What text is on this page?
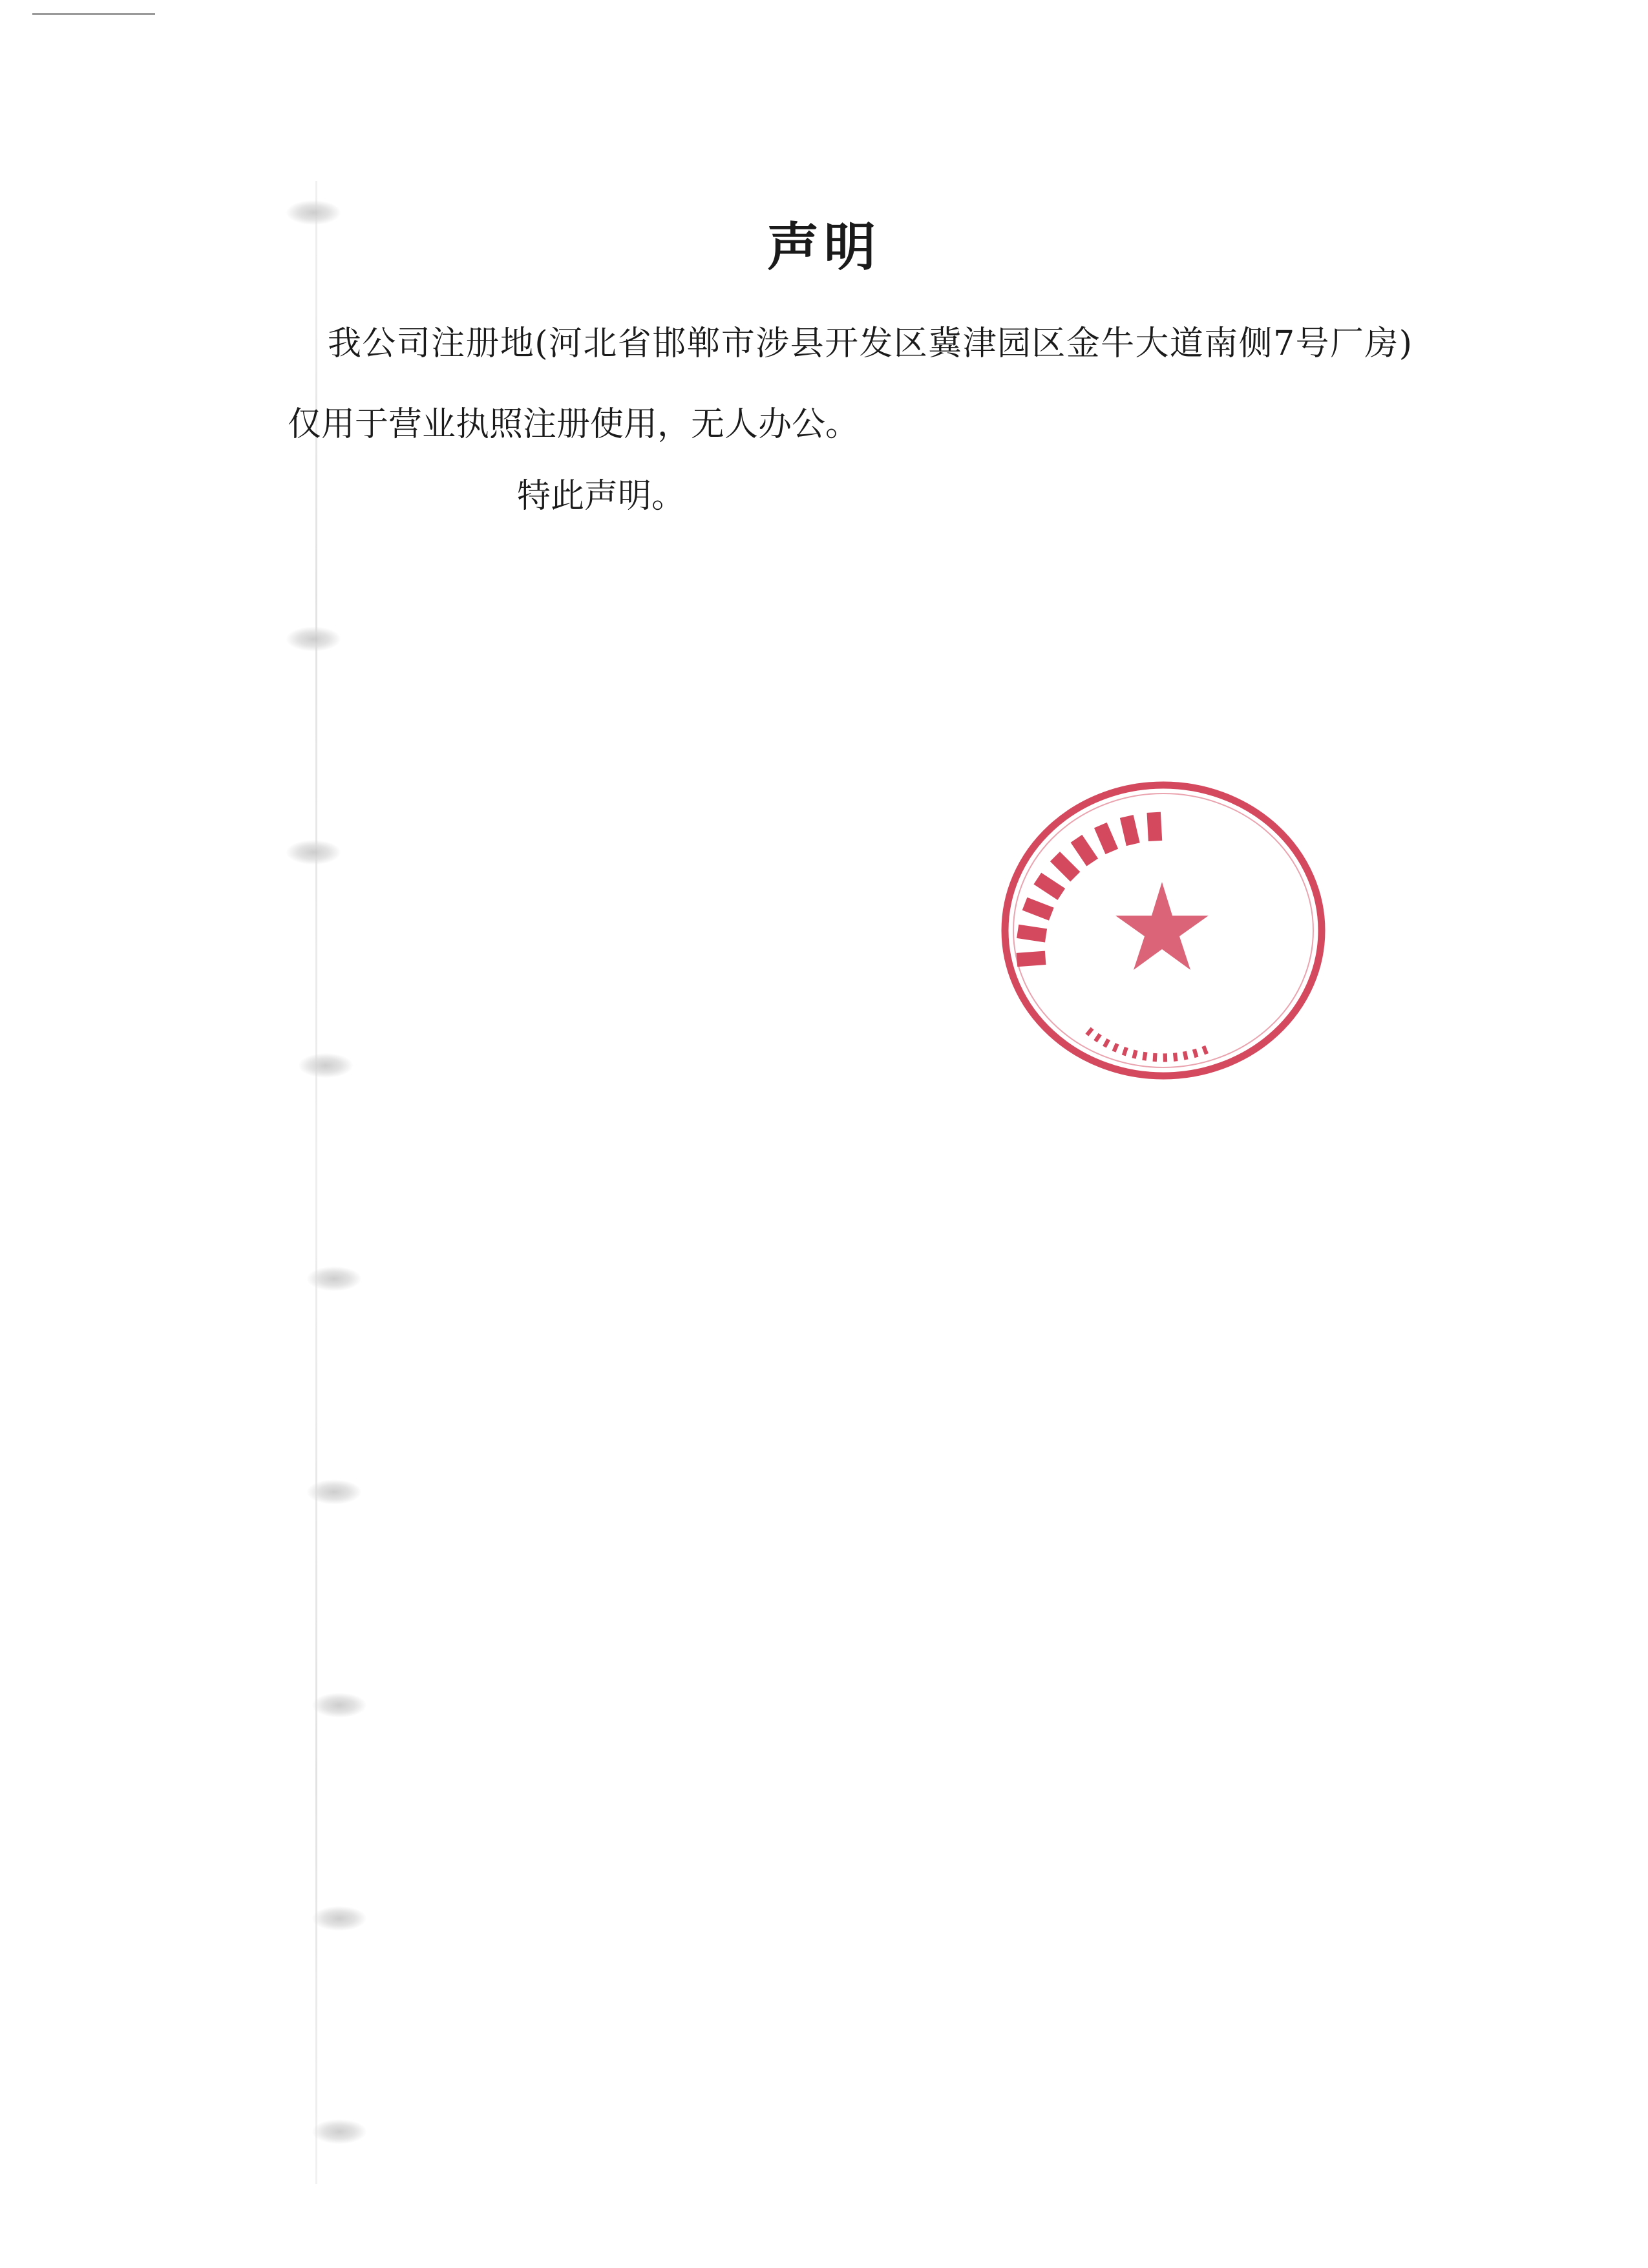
声明

我公司注册地(河北省邯郸市涉县开发区冀津园区金牛大道南侧7号厂房)仅用于营业执照注册使用，无人办公。

特此声明。
▮▮▮▮▮▮▮▮▮
▮▮▮▮▮▮▮▮▮▮▮▮▮
